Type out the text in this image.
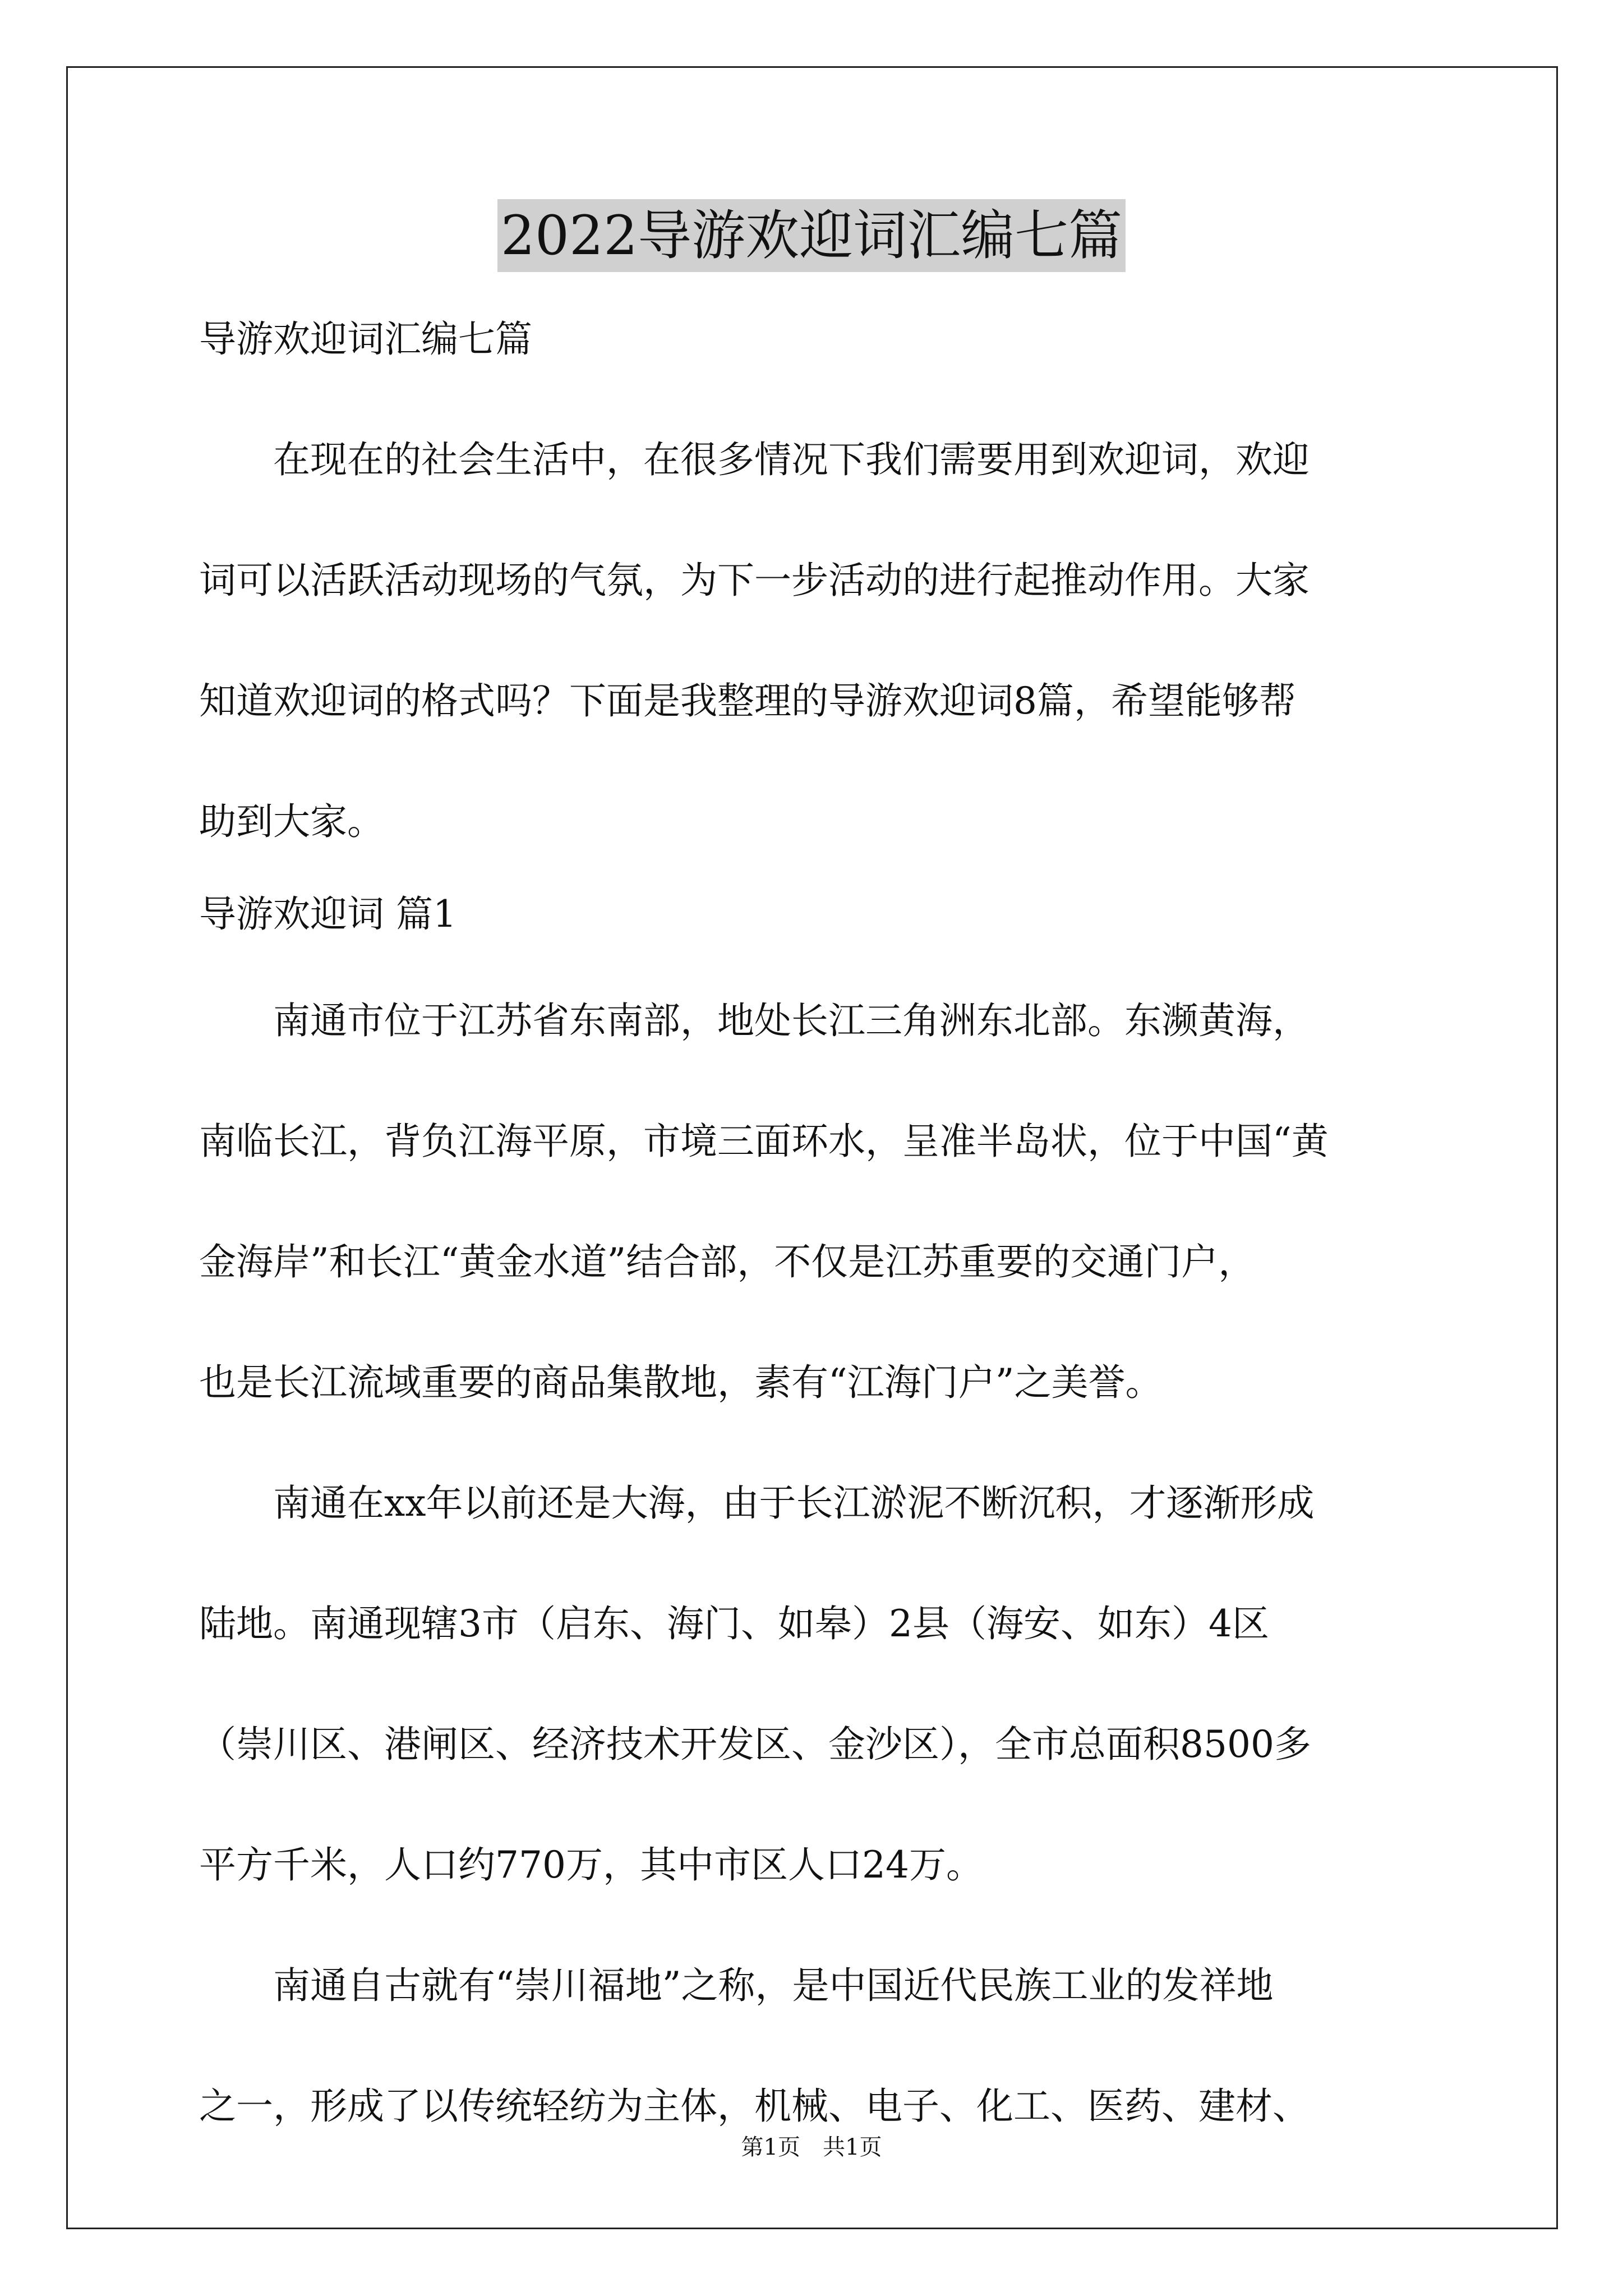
2022导游欢迎词汇编七篇
导游欢迎词汇编七篇
　　在现在的社会生活中，在很多情况下我们需要用到欢迎词，欢迎
词可以活跃活动现场的气氛，为下一步活动的进行起推动作用。大家
知道欢迎词的格式吗？下面是我整理的导游欢迎词8篇，希望能够帮
助到大家。
导游欢迎词 篇1
　　南通市位于江苏省东南部，地处长江三角洲东北部。东濒黄海，
南临长江，背负江海平原，市境三面环水，呈准半岛状，位于中国“黄
金海岸”和长江“黄金水道”结合部，不仅是江苏重要的交通门户，
也是长江流域重要的商品集散地，素有“江海门户”之美誉。
　　南通在xx年以前还是大海，由于长江淤泥不断沉积，才逐渐形成
陆地。南通现辖3市（启东、海门、如皋）2县（海安、如东）4区
（崇川区、港闸区、经济技术开发区、金沙区），全市总面积8500多
平方千米，人口约770万，其中市区人口24万。
　　南通自古就有“崇川福地”之称，是中国近代民族工业的发祥地
之一，形成了以传统轻纺为主体，机械、电子、化工、医药、建材、
第1页　共1页
